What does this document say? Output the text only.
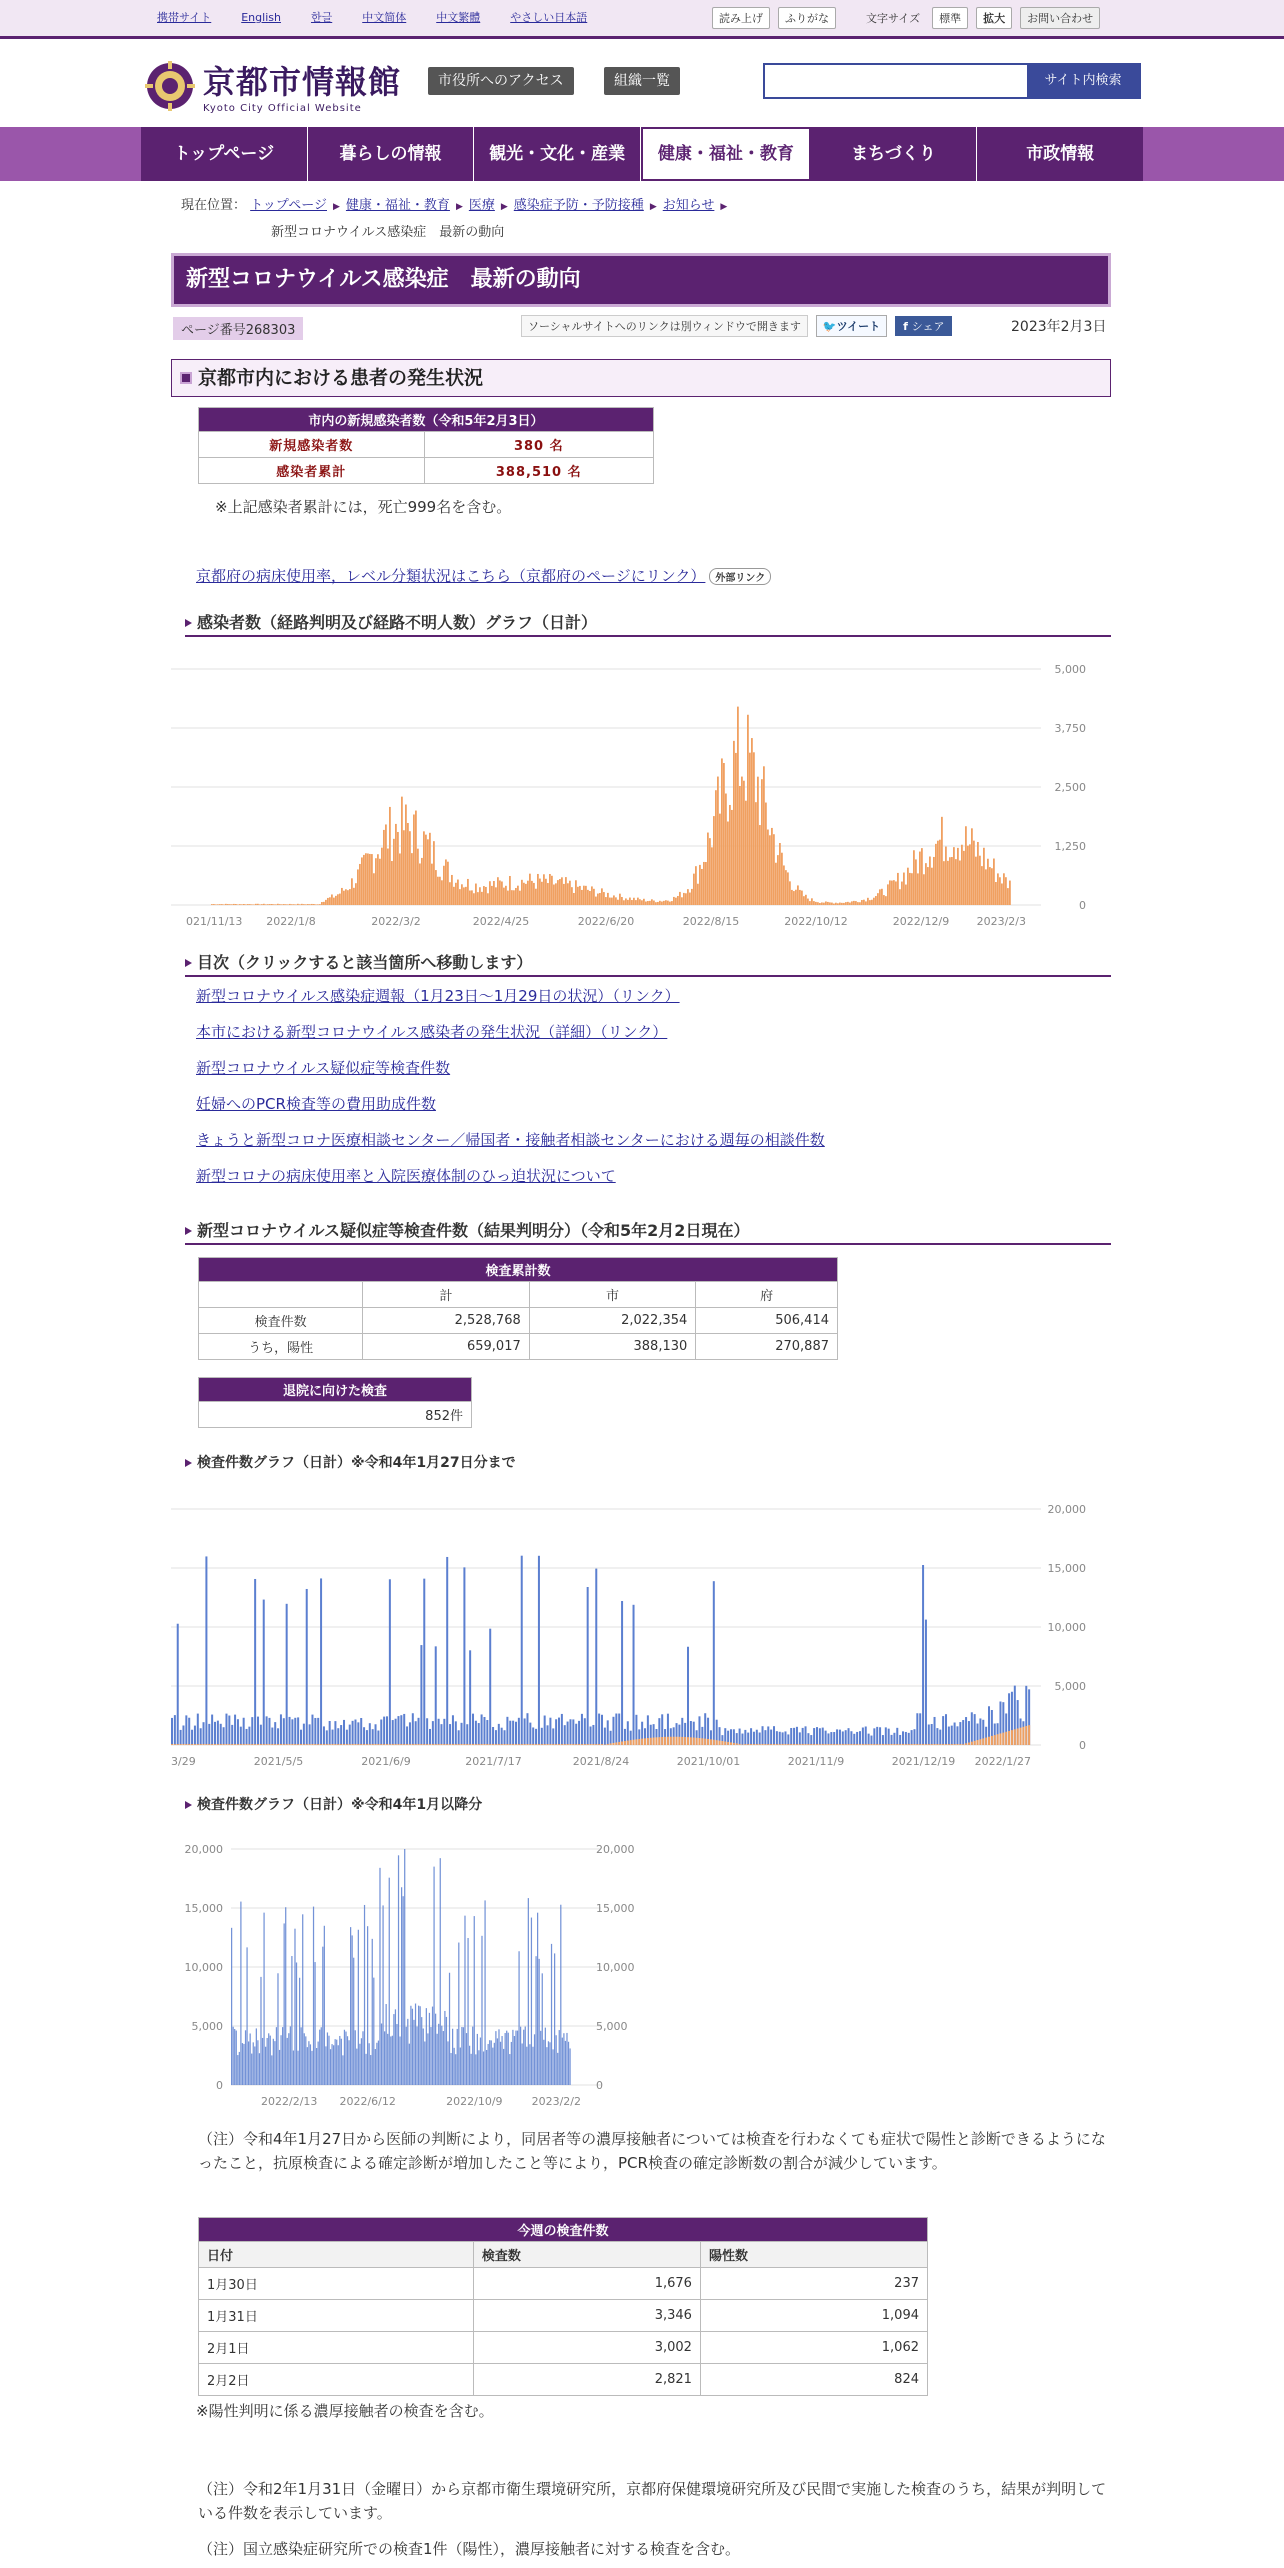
携帯サイト	English	한글	中文简体	中文繁體	やさしい日本語	読み上げ	ふりがな	文字サイズ	標準	拡大	お問い合わせ
京都市情報館
Kyoto City Official Website
市役所へのアクセス	組織一覧	サイト内検索
トップページ	暮らしの情報	観光・文化・産業	健康・福祉・教育	まちづくり	市政情報
現在位置： トップページ ▶ 健康・福祉・教育 ▶ 医療 ▶ 感染症予防・予防接種 ▶ お知らせ ▶
新型コロナウイルス感染症　最新の動向
新型コロナウイルス感染症　最新の動向
ページ番号268303	ソーシャルサイトへのリンクは別ウィンドウで開きます	🐦ツイート	f シェア	2023年2月3日
京都市内における患者の発生状況
市内の新規感染者数（令和5年2月3日）	
新規感染者数	380 名
感染者累計	388,510 名
※上記感染者累計には，死亡999名を含む。
京都府の病床使用率，レベル分類状況はこちら（京都府のページにリンク） 外部リンク
感染者数（経路判明及び経路不明人数）グラフ（日計）
5,000
3,750
2,500
1,250
0
021/11/13 2022/1/8	2022/3/2	2022/4/25	2022/6/20	2022/8/15	2022/10/12	2022/12/9 2023/2/3
目次（クリックすると該当箇所へ移動します）
新型コロナウイルス感染症週報（1月23日～1月29日の状況）（リンク）
本市における新型コロナウイルス感染者の発生状況（詳細）（リンク）
新型コロナウイルス疑似症等検査件数
妊婦へのPCR検査等の費用助成件数
きょうと新型コロナ医療相談センター／帰国者・接触者相談センターにおける週毎の相談件数
新型コロナの病床使用率と入院医療体制のひっ迫状況について
新型コロナウイルス疑似症等検査件数（結果判明分）（令和5年2月2日現在）
検査累計数			
	計	市	府
検査件数	2,528,768	2,022,354	506,414
うち，陽性	659,017	388,130	270,887
退院に向けた検査
852件
検査件数グラフ（日計）※令和4年1月27日分まで
20,000
15,000
10,000
5,000
0
3/29	2021/5/5	2021/6/9	2021/7/17	2021/8/24	2021/10/01	2021/11/9	2021/12/19 2022/1/27
検査件数グラフ（日計）※令和4年1月以降分
20,000	20,000
15,000	15,000
10,000	10,000
5,000	5,000
0	0
2022/2/13 2022/6/12	2022/10/9	2023/2/2
（注）令和4年1月27日から医師の判断により，同居者等の濃厚接触者については検査を行わなくても症状で陽性と診断できるようになったこと，抗原検査による確定診断が増加したこと等により，PCR検査の確定診断数の割合が減少しています。
今週の検査件数		
日付	検査数	陽性数
1月30日	1,676	237
1月31日	3,346	1,094
2月1日	3,002	1,062
2月2日	2,821	824
※陽性判明に係る濃厚接触者の検査を含む。
（注）令和2年1月31日（金曜日）から京都市衛生環境研究所，京都府保健環境研究所及び民間で実施した検査のうち，結果が判明している件数を表示しています。
（注）国立感染症研究所での検査1件（陽性），濃厚接触者に対する検査を含む。
